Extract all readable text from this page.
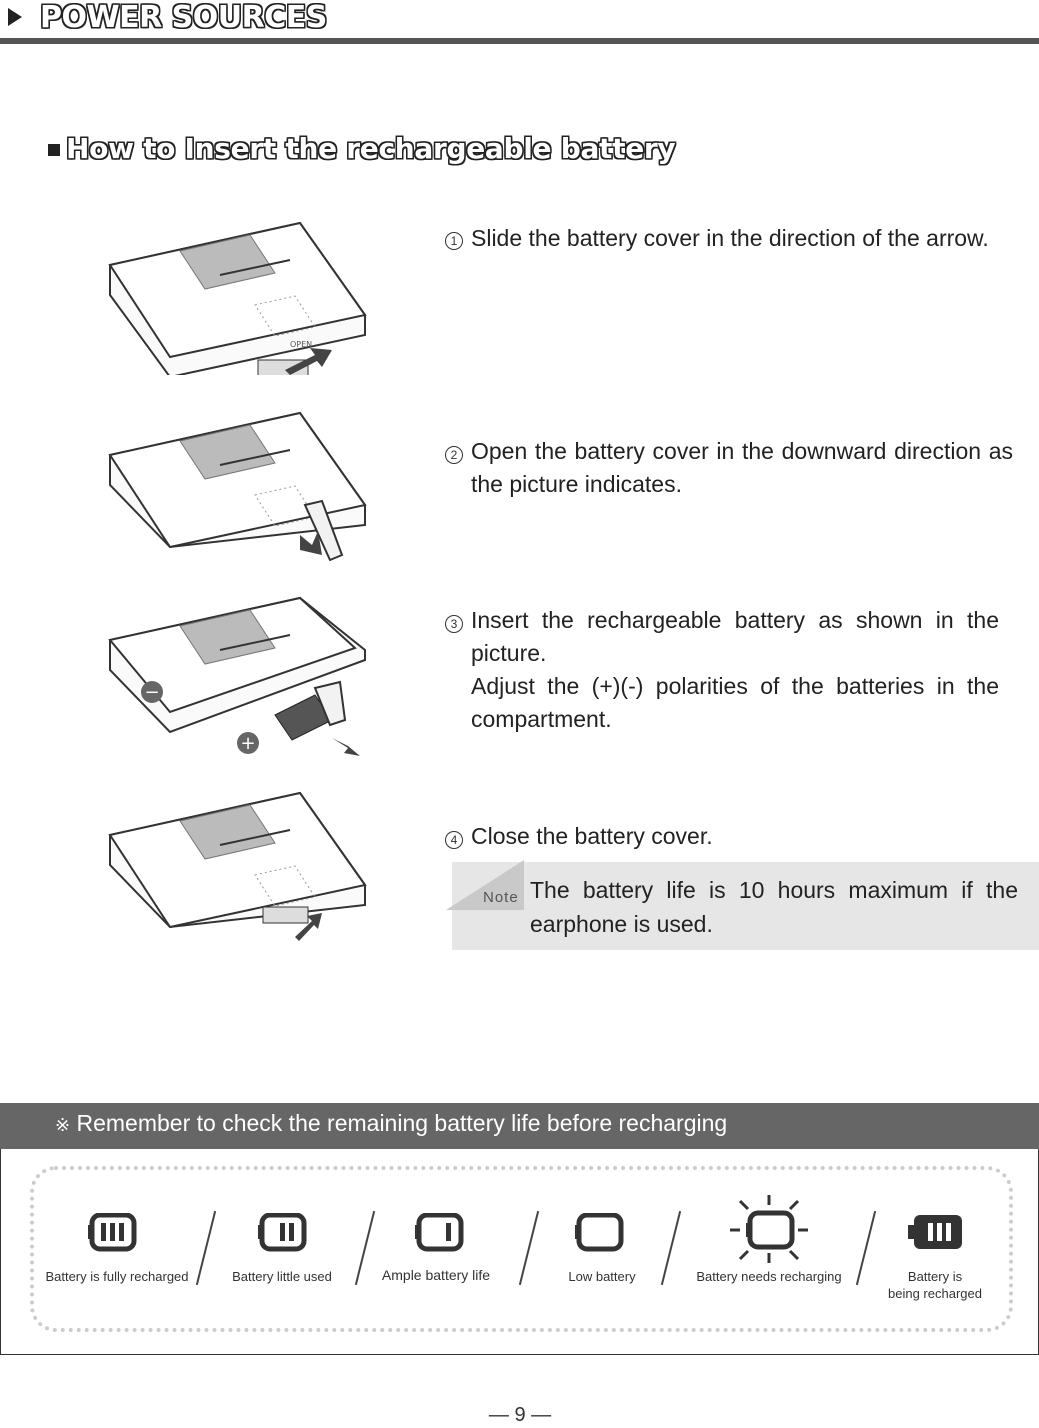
POWER SOURCES
How to Insert the rechargeable battery
OPEN
−
+
1 Slide the battery cover in the direction of the arrow.
2 Open the battery cover in the downward direction as the picture indicates.
3 Insert the rechargeable battery as shown in the picture.
Adjust the (+)(-) polarities of the batteries in the compartment.
4 Close the battery cover.
Note The battery life is 10 hours maximum if the earphone is used.
※ Remember to check the remaining battery life before recharging
Battery is fully recharged	Battery little used	Ample battery life	Low battery	Battery needs recharging	Battery is
being recharged
— 9 —
